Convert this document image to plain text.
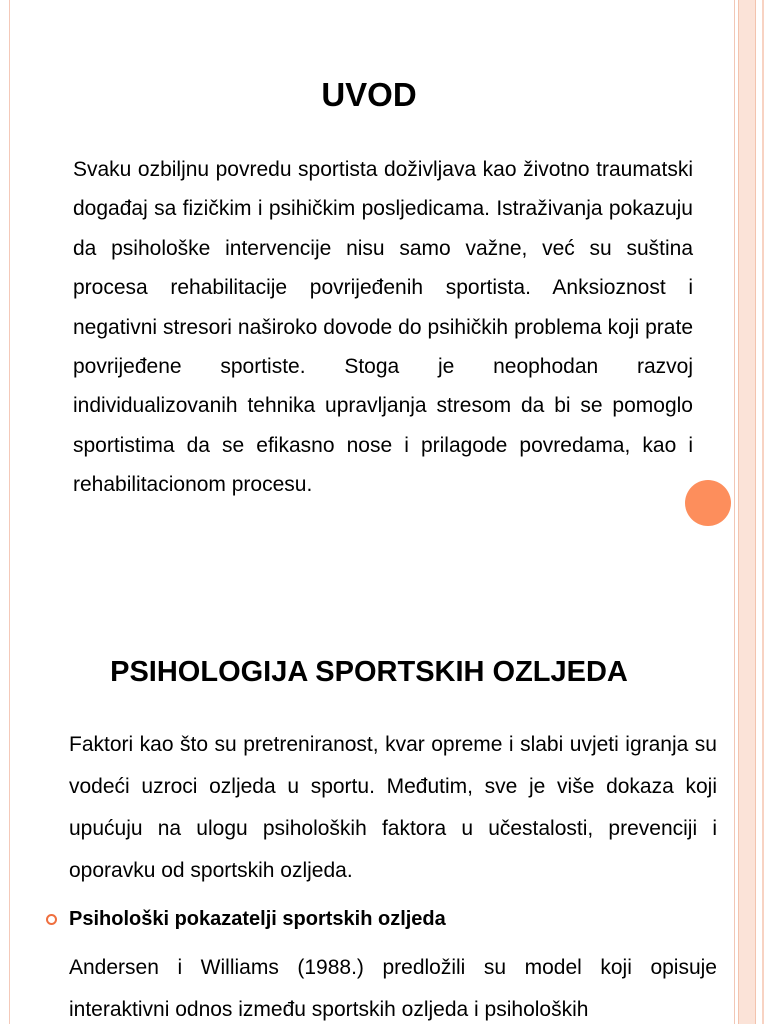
UVOD

Svaku ozbiljnu povredu sportista doživljava kao životno traumatski događaj sa fizičkim i psihičkim posljedicama. Istraživanja pokazuju da psihološke intervencije nisu samo važne, već su suština procesa rehabilitacije povrijeđenih sportista. Anksioznost i negativni stresori naširoko dovode do psihičkih problema koji prate povrijeđene sportiste. Stoga je neophodan razvoj individualizovanih tehnika upravljanja stresom da bi se pomoglo sportistima da se efikasno nose i prilagode povredama, kao i rehabilitacionom procesu.

PSIHOLOGIJA SPORTSKIH OZLJEDA

Faktori kao što su pretreniranost, kvar opreme i slabi uvjeti igranja su vodeći uzroci ozljeda u sportu. Međutim, sve je više dokaza koji upućuju na ulogu psiholoških faktora u učestalosti, prevenciji i oporavku od sportskih ozljeda.

Psihološki pokazatelji sportskih ozljeda

Andersen i Williams (1988.) predložili su model koji opisuje interaktivni odnos između sportskih ozljeda i psiholoških
